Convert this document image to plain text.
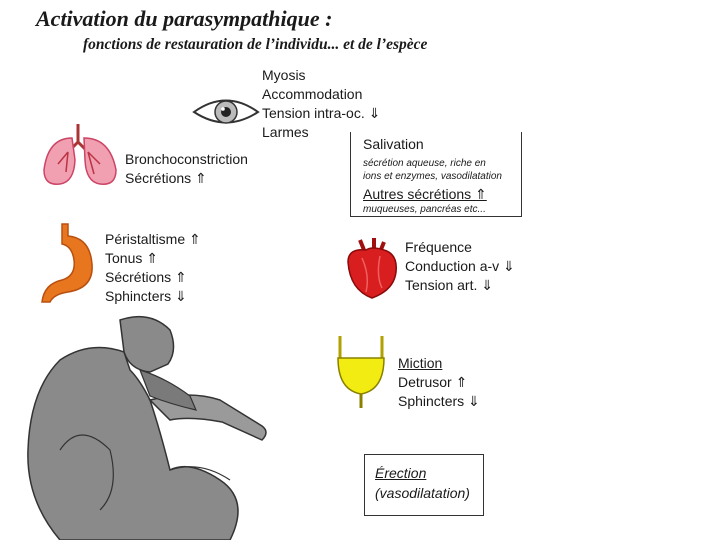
Activation du parasympathique :
fonctions de restauration de l’individu... et de l’espèce
Myosis
Accommodation
Tension intra-oc. ⇓
Larmes
Bronchoconstriction
Sécrétions ⇑
Salivation
sécrétion aqueuse, riche en
ions et enzymes, vasodilatation
Autres sécrétions ⇑
muqueuses, pancréas etc...
Péristaltisme ⇑
Tonus ⇑
Sécrétions ⇑
Sphincters ⇓
Fréquence
Conduction a-v ⇓
Tension art. ⇓
Miction
Detrusor ⇑
Sphincters ⇓
Érection
(vasodilatation)
